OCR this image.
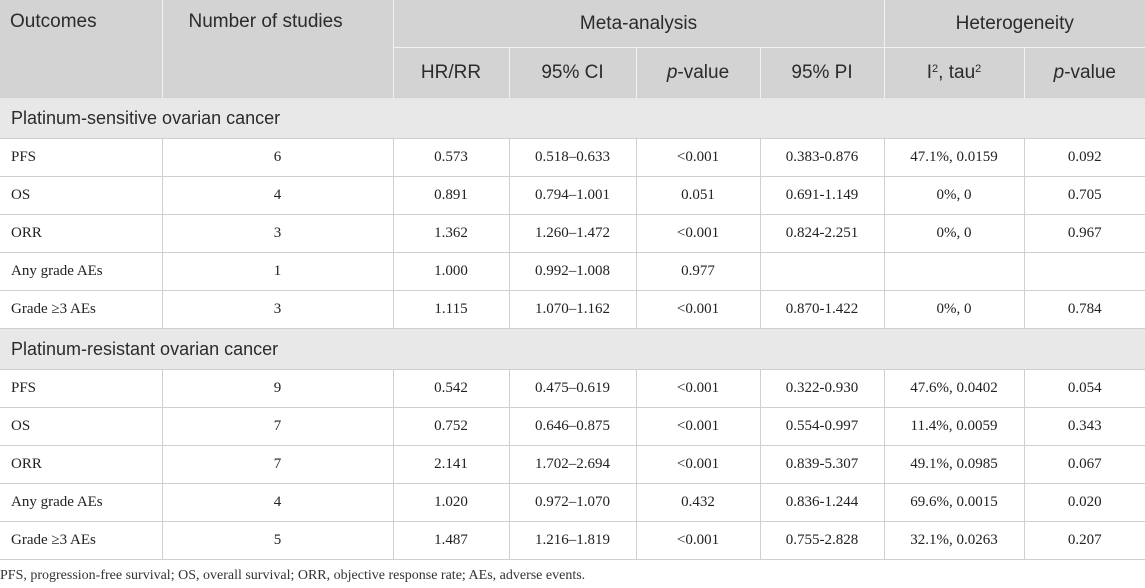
Outcomes	Number of studies	Meta-analysis				Heterogeneity	
		HR/RR	95% CI	p-value	95% PI	$I^2$, tau$^2$	p-value
Platinum-sensitive ovarian cancer							
PFS	6	0.573	0.518–0.633	<0.001	0.383-0.876	47.1%, 0.0159	0.092
OS	4	0.891	0.794–1.001	0.051	0.691-1.149	0%, 0	0.705
ORR	3	1.362	1.260–1.472	<0.001	0.824-2.251	0%, 0	0.967
Any grade AEs	1	1.000	0.992–1.008	0.977			
Grade ≥3 AEs	3	1.115	1.070–1.162	<0.001	0.870-1.422	0%, 0	0.784
Platinum-resistant ovarian cancer							
PFS	9	0.542	0.475–0.619	<0.001	0.322-0.930	47.6%, 0.0402	0.054
OS	7	0.752	0.646–0.875	<0.001	0.554-0.997	11.4%, 0.0059	0.343
ORR	7	2.141	1.702–2.694	<0.001	0.839-5.307	49.1%, 0.0985	0.067
Any grade AEs	4	1.020	0.972–1.070	0.432	0.836-1.244	69.6%, 0.0015	0.020
Grade ≥3 AEs	5	1.487	1.216–1.819	<0.001	0.755-2.828	32.1%, 0.0263	0.207
PFS, progression-free survival; OS, overall survival; ORR, objective response rate; AEs, adverse events.
